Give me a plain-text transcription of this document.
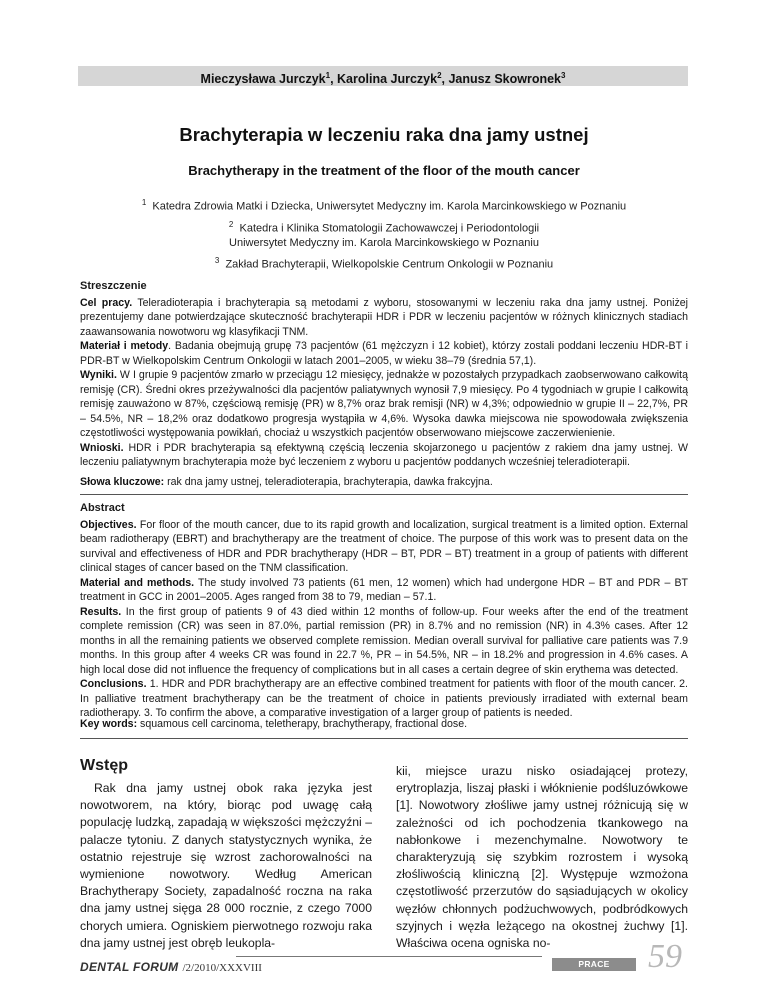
Mieczysława Jurczyk$^1$, Karolina Jurczyk$^2$, Janusz Skowronek$^3$
Brachyterapia w leczeniu raka dna jamy ustnej
Brachytherapy in the treatment of the floor of the mouth cancer
$^1$ Katedra Zdrowia Matki i Dziecka, Uniwersytet Medyczny im. Karola Marcinkowskiego w Poznaniu
$^2$ Katedra i Klinika Stomatologii Zachowawczej i Periodontologii
Uniwersytet Medyczny im. Karola Marcinkowskiego w Poznaniu
$^3$ Zakład Brachyterapii, Wielkopolskie Centrum Onkologii w Poznaniu
Streszczenie

Cel pracy. Teleradioterapia i brachyterapia są metodami z wyboru, stosowanymi w leczeniu raka dna jamy ustnej. Poniżej prezentujemy dane potwierdzające skuteczność brachyterapii HDR i PDR w leczeniu pacjentów w różnych klinicznych stadiach zaawansowania nowotworu wg klasyfikacji TNM.

Materiał i metody. Badania obejmują grupę 73 pacjentów (61 mężczyzn i 12 kobiet), którzy zostali poddani leczeniu HDR-BT i PDR-BT w Wielkopolskim Centrum Onkologii w latach 2001–2005, w wieku 38–79 (średnia 57,1).

Wyniki. W I grupie 9 pacjentów zmarło w przeciągu 12 miesięcy, jednakże w pozostałych przypadkach zaobserwowano całkowitą remisję (CR). Średni okres przeżywalności dla pacjentów paliatywnych wynosił 7,9 miesięcy. Po 4 tygodniach w grupie I całkowitą remisję zauważono w 87%, częściową remisję (PR) w 8,7% oraz brak remisji (NR) w 4,3%; odpowiednio w grupie II – 22,7%, PR – 54.5%, NR – 18,2% oraz dodatkowo progresja wystąpiła w 4,6%. Wysoka dawka miejscowa nie spowodowała zwiększenia częstotliwości występowania powikłań, chociaż u wszystkich pacjentów obserwowano miejscowe zaczerwienienie.

Wnioski. HDR i PDR brachyterapia są efektywną częścią leczenia skojarzonego u pacjentów z rakiem dna jamy ustnej. W leczeniu paliatywnym brachyterapia może być leczeniem z wyboru u pacjentów poddanych wcześniej teleradioterapii.

Słowa kluczowe: rak dna jamy ustnej, teleradioterapia, brachyterapia, dawka frakcyjna.

Abstract

Objectives. For floor of the mouth cancer, due to its rapid growth and localization, surgical treatment is a limited option. External beam radiotherapy (EBRT) and brachytherapy are the treatment of choice. The purpose of this work was to present data on the survival and effectiveness of HDR and PDR brachytherapy (HDR – BT, PDR – BT) treatment in a group of patients with different clinical stages of cancer based on the TNM classification.

Material and methods. The study involved 73 patients (61 men, 12 women) which had undergone HDR – BT and PDR – BT treatment in GCC in 2001–2005. Ages ranged from 38 to 79, median – 57.1.

Results. In the first group of patients 9 of 43 died within 12 months of follow-up. Four weeks after the end of the treatment complete remission (CR) was seen in 87.0%, partial remission (PR) in 8.7% and no remission (NR) in 4.3% cases. After 12 months in all the remaining patients we observed complete remission. Median overall survival for palliative care patients was 7.9 months. In this group after 4 weeks CR was found in 22.7 %, PR – in 54.5%, NR – in 18.2% and progression in 4.6% cases. A high local dose did not influence the frequency of complications but in all cases a certain degree of skin erythema was detected.

Conclusions. 1. HDR and PDR brachytherapy are an effective combined treatment for patients with floor of the mouth cancer. 2. In palliative treatment brachytherapy can be the treatment of choice in patients previously irradiated with external beam radiotherapy. 3. To confirm the above, a comparative investigation of a larger group of patients is needed.

Key words: squamous cell carcinoma, teletherapy, brachytherapy, fractional dose.

Wstęp

Rak dna jamy ustnej obok raka języka jest nowotworem, na który, biorąc pod uwagę całą populację ludzką, zapadają w większości mężczyźni – palacze tytoniu. Z danych statystycznych wynika, że ostatnio rejestruje się wzrost zachorowalności na wymienione nowotwory. Według American Brachytherapy Society, zapadalność roczna na raka dna jamy ustnej sięga 28 000 rocznie, z czego 7000 chorych umiera. Ogniskiem pierwotnego rozwoju raka dna jamy ustnej jest obręb leukopla-

kii, miejsce urazu nisko osiadającej protezy, erytroplazja, liszaj płaski i włóknienie podśluzówkowe [1]. Nowotwory złośliwe jamy ustnej różnicują się w zależności od ich pochodzenia tkankowego na nabłonkowe i mezenchymalne. Nowotwory te charakteryzują się szybkim rozrostem i wysoką złośliwością kliniczną [2]. Występuje wzmożona częstotliwość przerzutów do sąsiadujących w okolicy węzłów chłonnych podżuchwowych, podbródkowych szyjnych i węzła leżącego na okostnej żuchwy [1]. Właściwa ocena ogniska no-

DENTAL FORUM /2/2010/XXXVIII	PRACE ORYGINALNE
59
